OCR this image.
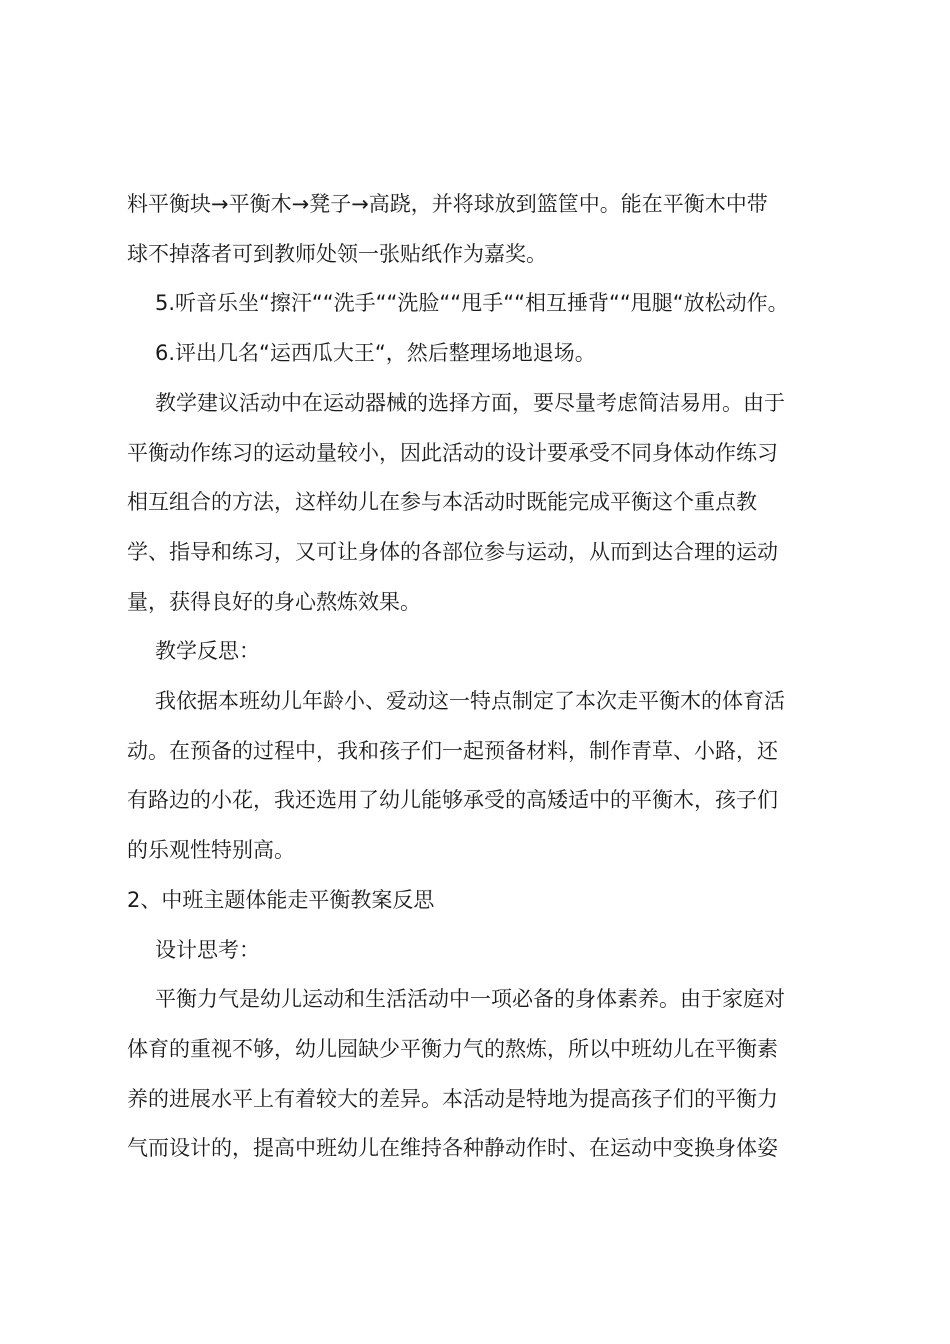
料平衡块→平衡木→凳子→高跷，并将球放到篮筐中。能在平衡木中带

球不掉落者可到教师处领一张贴纸作为嘉奖。

5.听音乐坐“擦汗““洗手““洗脸““甩手““相互捶背““甩腿“放松动作。

6.评出几名“运西瓜大王“，然后整理场地退场。

教学建议活动中在运动器械的选择方面，要尽量考虑简洁易用。由于

平衡动作练习的运动量较小，因此活动的设计要承受不同身体动作练习

相互组合的方法，这样幼儿在参与本活动时既能完成平衡这个重点教

学、指导和练习，又可让身体的各部位参与运动，从而到达合理的运动

量，获得良好的身心熬炼效果。

教学反思：

我依据本班幼儿年龄小、爱动这一特点制定了本次走平衡木的体育活

动。在预备的过程中，我和孩子们一起预备材料，制作青草、小路，还

有路边的小花，我还选用了幼儿能够承受的高矮适中的平衡木，孩子们

的乐观性特别高。

2、中班主题体能走平衡教案反思

设计思考：

平衡力气是幼儿运动和生活活动中一项必备的身体素养。由于家庭对

体育的重视不够，幼儿园缺少平衡力气的熬炼，所以中班幼儿在平衡素

养的进展水平上有着较大的差异。本活动是特地为提高孩子们的平衡力

气而设计的，提高中班幼儿在维持各种静动作时、在运动中变换身体姿
